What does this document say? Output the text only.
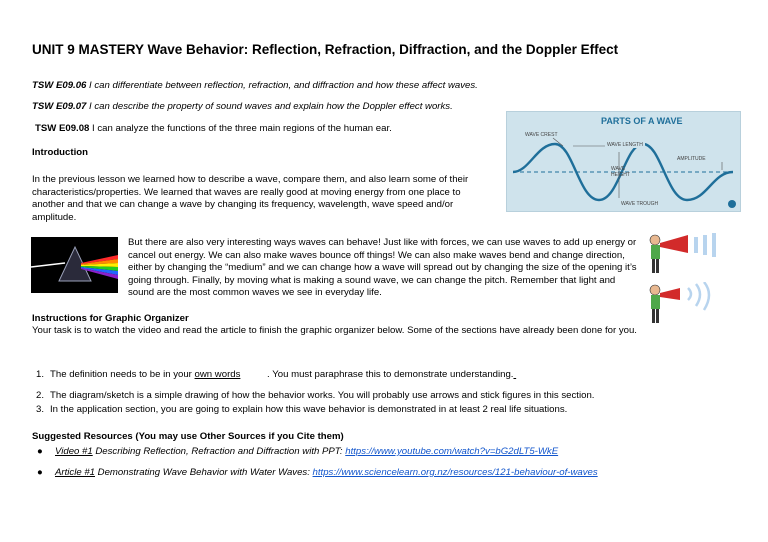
UNIT 9 MASTERY Wave Behavior: Reflection, Refraction, Diffraction, and the Doppler Effect
TSW E09.06 I can differentiate between reflection, refraction, and diffraction and how these affect waves.
TSW E09.07 I can describe the property of sound waves and explain how the Doppler effect works.
TSW E09.08 I can analyze the functions of the three main regions of the human ear.
PARTS OF A WAVE
WAVE CREST
WAVE LENGTH
AMPLITUDE
WAVE HEIGHT
WAVE TROUGH
Introduction
In the previous lesson we learned how to describe a wave, compare them, and also learn some of their characteristics/properties. We learned that waves are really good at moving energy from one place to another and that we can change a wave by changing its frequency, wavelength, wave speed and/or amplitude.
But there are also very interesting ways waves can behave! Just like with forces, we can use waves to add up energy or cancel out energy. We can also make waves bounce off things! We can also make waves bend and change direction, either by changing the “medium” and we can change how a wave will spread out by changing the size of the opening it’s going through. Finally, by moving what is making a sound wave, we can change the pitch. Remember that light and sound are the most common waves we see in everyday life.
Instructions for Graphic Organizer
Your task is to watch the video and read the article to finish the graphic organizer below. Some of the sections have already been done for you.
1. The definition needs to be in your own words          . You must paraphrase this to demonstrate understanding.
2. The diagram/sketch is a simple drawing of how the behavior works. You will probably use arrows and stick figures in this section.
3. In the application section, you are going to explain how this wave behavior is demonstrated in at least 2 real life situations.
Suggested Resources (You may use Other Sources if you Cite them)
● Video #1 Describing Reflection, Refraction and Diffraction with PPT: https://www.youtube.com/watch?v=bG2dLT5-WkE
● Article #1 Demonstrating Wave Behavior with Water Waves: https://www.sciencelearn.org.nz/resources/121-behaviour-of-waves
